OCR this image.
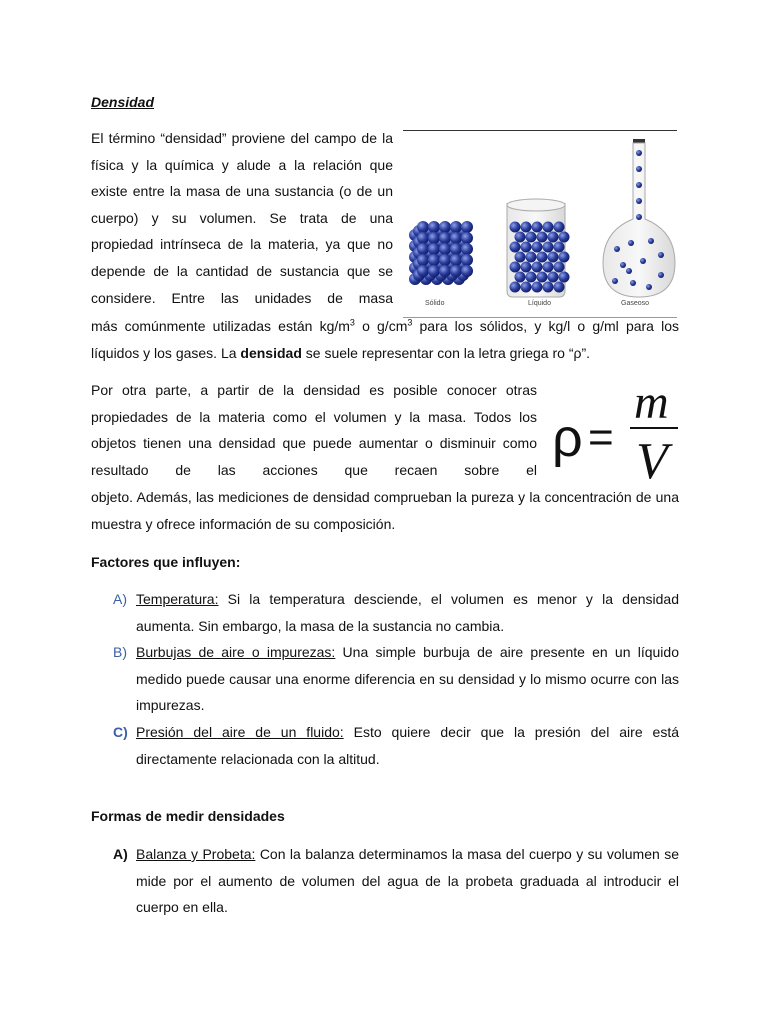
Densidad

El término “densidad” proviene del campo de la física y la química y alude a la relación que existe entre la masa de una sustancia (o de un cuerpo) y su volumen. Se trata de una propiedad intrínseca de la materia, ya que no depende de la cantidad de sustancia que se considere. Entre las unidades de masa

más comúnmente utilizadas están $kg/m^3$ o $g/cm^3$ para los sólidos, y kg/l o g/ml para los líquidos y los gases. La densidad se suele representar con la letra griega ro “ρ”.

Sólido	Líquido	Gaseoso

Por otra parte, a partir de la densidad es posible conocer otras propiedades de la materia como el volumen y la masa. Todos los objetos tienen una densidad que puede aumentar o disminuir como resultado de las acciones que recaen sobre el

objeto. Además, las mediciones de densidad comprueban la pureza y la concentración de una muestra y ofrece información de su composición.

ρ =
m
V
Factores que influyen:
A) Temperatura: Si la temperatura desciende, el volumen es menor y la densidad aumenta. Sin embargo, la masa de la sustancia no cambia.
B) Burbujas de aire o impurezas: Una simple burbuja de aire presente en un líquido medido puede causar una enorme diferencia en su densidad y lo mismo ocurre con las impurezas.
C) Presión del aire de un fluido: Esto quiere decir que la presión del aire está directamente relacionada con la altitud.
Formas de medir densidades
A) Balanza y Probeta: Con la balanza determinamos la masa del cuerpo y su volumen se mide por el aumento de volumen del agua de la probeta graduada al introducir el cuerpo en ella.
